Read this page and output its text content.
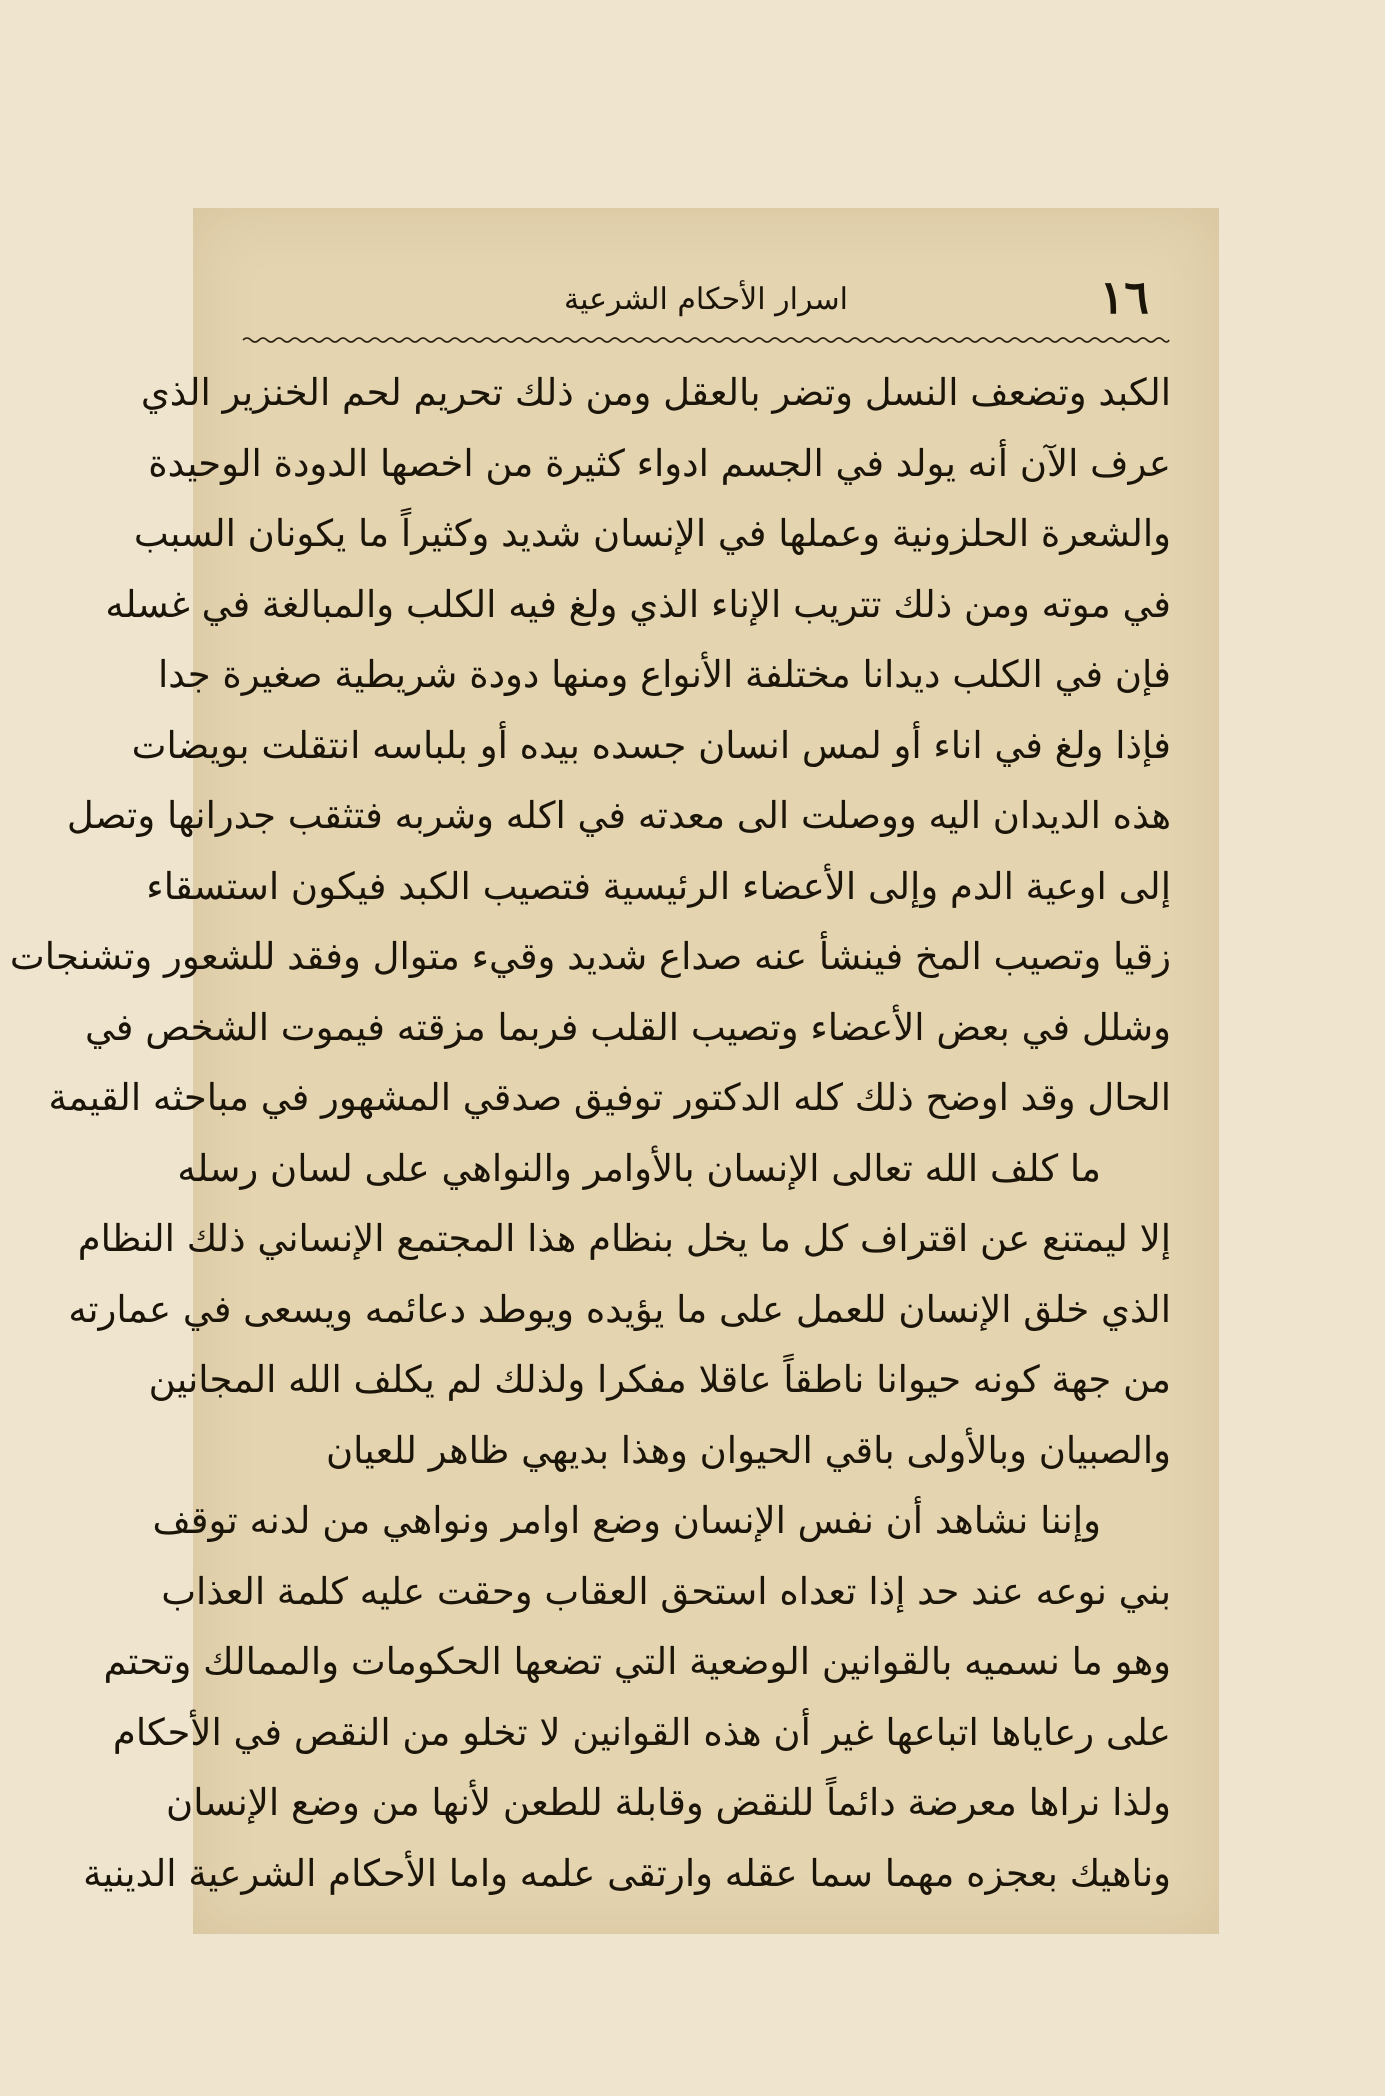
١٦
اسرار الأحكام الشرعية
الكبد وتضعف النسل وتضر بالعقل ومن ذلك تحريم لحم الخنزير الذي
عرف الآن أنه يولد في الجسم ادواء كثيرة من اخصها الدودة الوحيدة
والشعرة الحلزونية وعملها في الإنسان شديد وكثيراً ما يكونان السبب
في موته ومن ذلك تتريب الإناء الذي ولغ فيه الكلب والمبالغة في غسله
فإن في الكلب ديدانا مختلفة الأنواع ومنها دودة شريطية صغيرة جدا
فإذا ولغ في اناء أو لمس انسان جسده بيده أو بلباسه انتقلت بويضات
هذه الديدان اليه ووصلت الى معدته في اكله وشربه فتثقب جدرانها وتصل
إلى اوعية الدم وإلى الأعضاء الرئيسية فتصيب الكبد فيكون استسقاء
زقيا وتصيب المخ فينشأ عنه صداع شديد وقيء متوال وفقد للشعور وتشنجات
وشلل في بعض الأعضاء وتصيب القلب فربما مزقته فيموت الشخص في
الحال وقد اوضح ذلك كله الدكتور توفيق صدقي المشهور في مباحثه القيمة
ما كلف الله تعالى الإنسان بالأوامر والنواهي على لسان رسله
إلا ليمتنع عن اقتراف كل ما يخل بنظام هذا المجتمع الإنساني ذلك النظام
الذي خلق الإنسان للعمل على ما يؤيده ويوطد دعائمه ويسعى في عمارته
من جهة كونه حيوانا ناطقاً عاقلا مفكرا ولذلك لم يكلف الله المجانين
والصبيان وبالأولى باقي الحيوان وهذا بديهي ظاهر للعيان
وإننا نشاهد أن نفس الإنسان وضع اوامر ونواهي من لدنه توقف
بني نوعه عند حد إذا تعداه استحق العقاب وحقت عليه كلمة العذاب
وهو ما نسميه بالقوانين الوضعية التي تضعها الحكومات والممالك وتحتم
على رعاياها اتباعها غير أن هذه القوانين لا تخلو من النقص في الأحكام
ولذا نراها معرضة دائماً للنقض وقابلة للطعن لأنها من وضع الإنسان
وناهيك بعجزه مهما سما عقله وارتقى علمه واما الأحكام الشرعية الدينية
